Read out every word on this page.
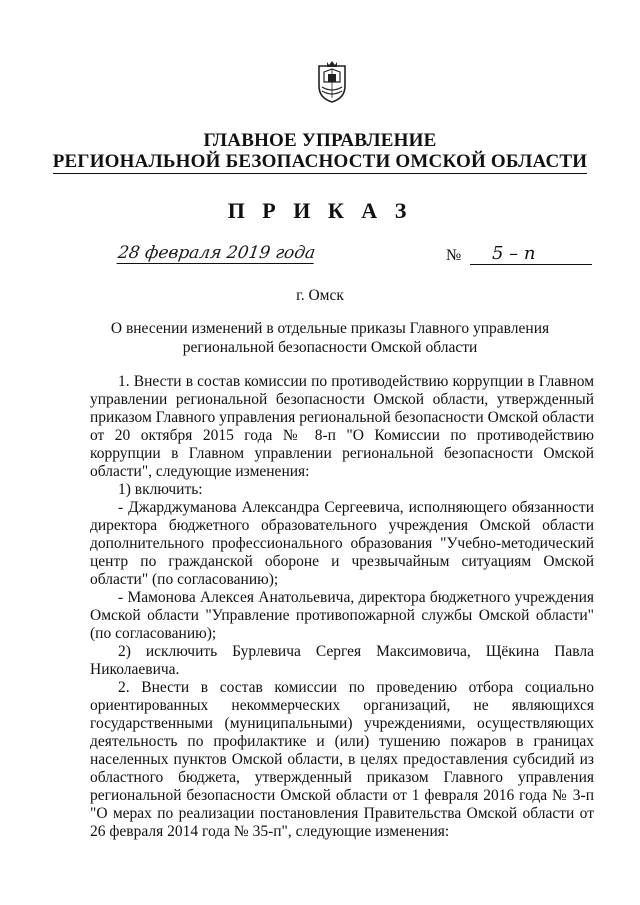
ГЛАВНОЕ УПРАВЛЕНИЕ
РЕГИОНАЛЬНОЙ БЕЗОПАСНОСТИ ОМСКОЙ ОБЛАСТИ
П Р И К А З
28 февраля 2019 года	№	5 – п
г. Омск
О внесении изменений в отдельные приказы Главного управления
региональной безопасности Омской области

1. Внести в состав комиссии по противодействию коррупции в Главном управлении региональной безопасности Омской области, утвержденный приказом Главного управления региональной безопасности Омской области от 20 октября 2015 года № 8-п "О Комиссии по противодействию коррупции в Главном управлении региональной безопасности Омской области", следующие изменения:

1) включить:

- Джарджуманова Александра Сергеевича, исполняющего обязанности директора бюджетного образовательного учреждения Омской области дополнительного профессионального образования "Учебно-методический центр по гражданской обороне и чрезвычайным ситуациям Омской области" (по согласованию);

- Мамонова Алексея Анатольевича, директора бюджетного учреждения Омской области "Управление противопожарной службы Омской области" (по согласованию);

2) исключить Бурлевича Сергея Максимовича, Щёкина Павла Николаевича.

2. Внести в состав комиссии по проведению отбора социально ориентированных некоммерческих организаций, не являющихся государственными (муниципальными) учреждениями, осуществляющих деятельность по профилактике и (или) тушению пожаров в границах населенных пунктов Омской области, в целях предоставления субсидий из областного бюджета, утвержденный приказом Главного управления региональной безопасности Омской области от 1 февраля 2016 года № 3-п "О мерах по реализации постановления Правительства Омской области от 26 февраля 2014 года № 35-п", следующие изменения:
